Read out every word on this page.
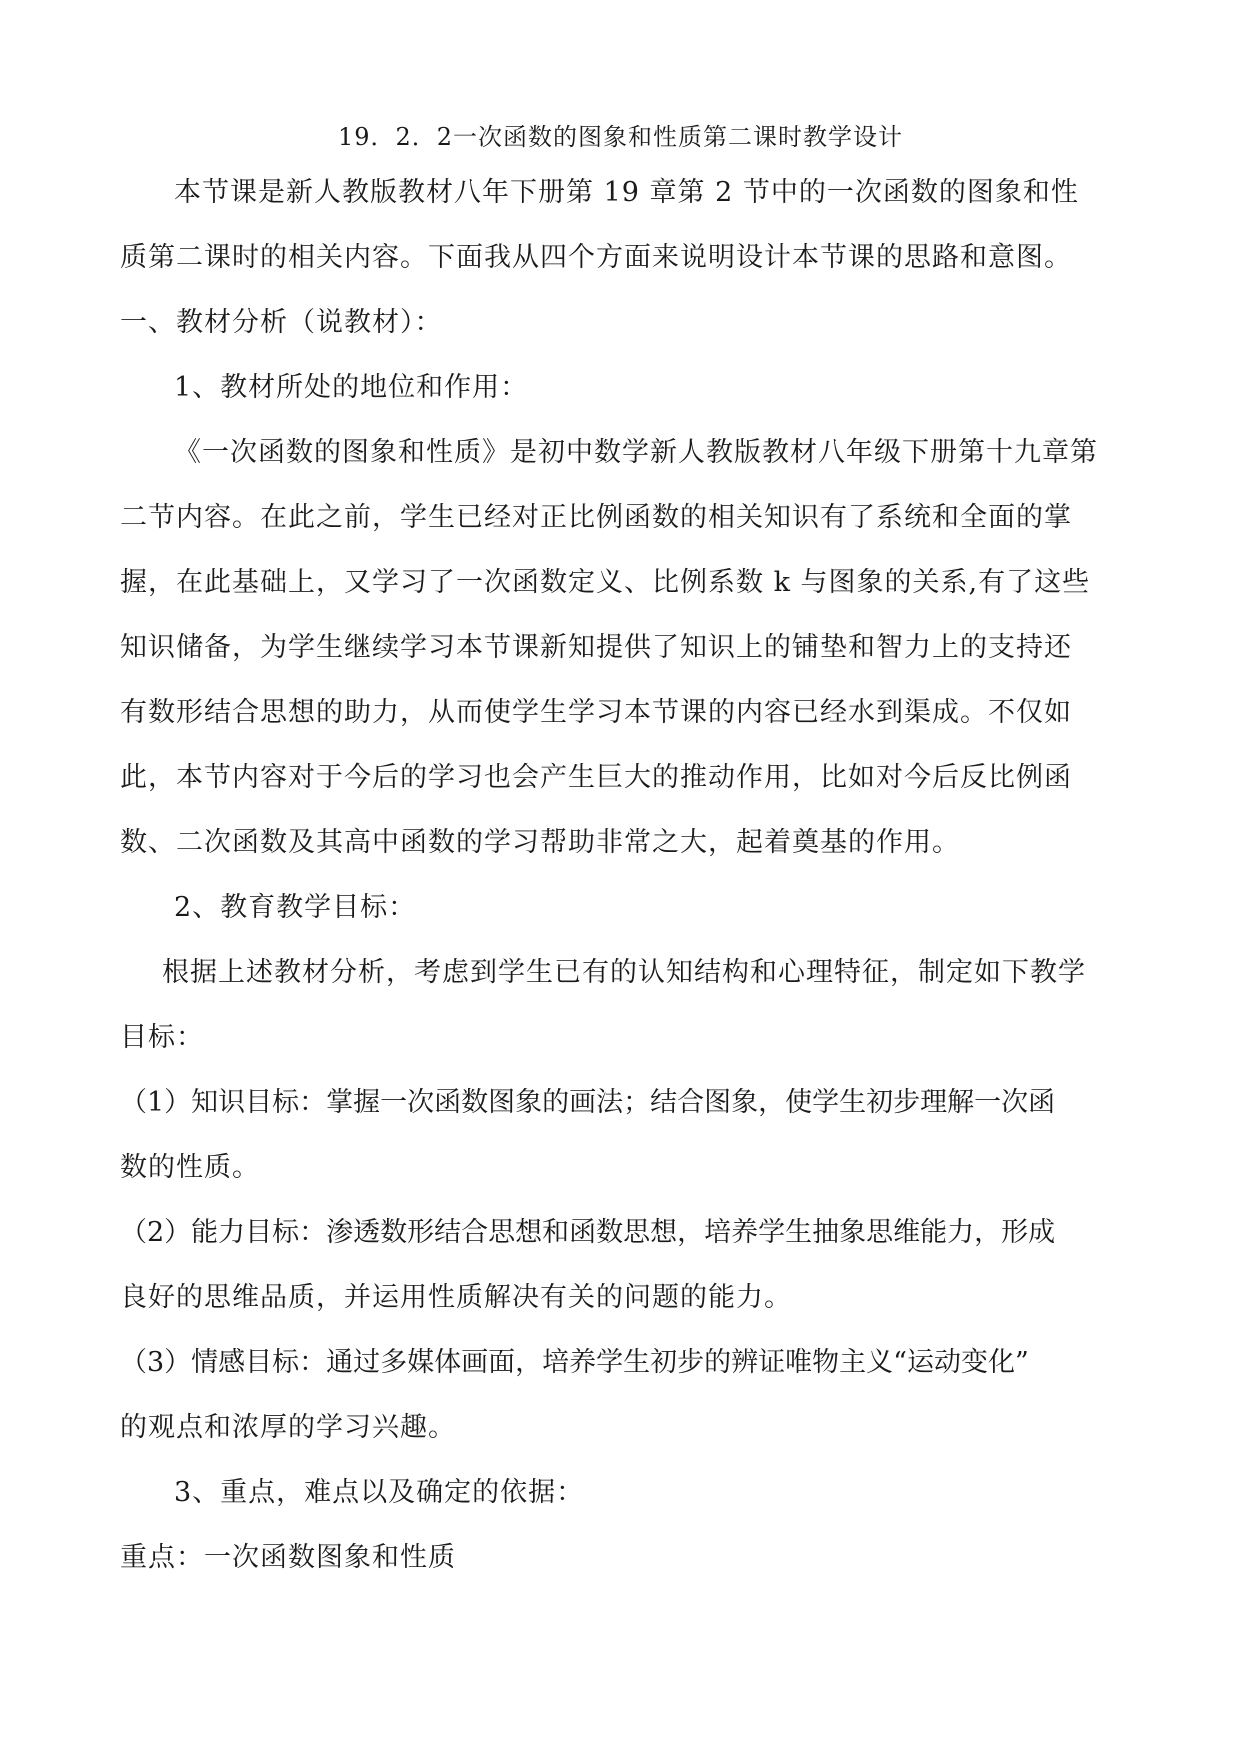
19．2．2一次函数的图象和性质第二课时教学设计
本节课是新人教版教材八年下册第 19 章第 2 节中的一次函数的图象和性
质第二课时的相关内容。下面我从四个方面来说明设计本节课的思路和意图。
一、教材分析（说教材）：
1、教材所处的地位和作用：
《一次函数的图象和性质》是初中数学新人教版教材八年级下册第十九章第
二节内容。在此之前，学生已经对正比例函数的相关知识有了系统和全面的掌
握，在此基础上，又学习了一次函数定义、比例系数 k 与图象的关系,有了这些
知识储备，为学生继续学习本节课新知提供了知识上的铺垫和智力上的支持还
有数形结合思想的助力，从而使学生学习本节课的内容已经水到渠成。不仅如
此，本节内容对于今后的学习也会产生巨大的推动作用，比如对今后反比例函
数、二次函数及其高中函数的学习帮助非常之大，起着奠基的作用。
2、教育教学目标：
根据上述教材分析，考虑到学生已有的认知结构和心理特征，制定如下教学
目标：
（1）知识目标：掌握一次函数图象的画法；结合图象，使学生初步理解一次函
数的性质。
（2）能力目标：渗透数形结合思想和函数思想，培养学生抽象思维能力，形成
良好的思维品质，并运用性质解决有关的问题的能力。
（3）情感目标：通过多媒体画面，培养学生初步的辨证唯物主义“运动变化”
的观点和浓厚的学习兴趣。
3、重点，难点以及确定的依据：
重点：一次函数图象和性质
